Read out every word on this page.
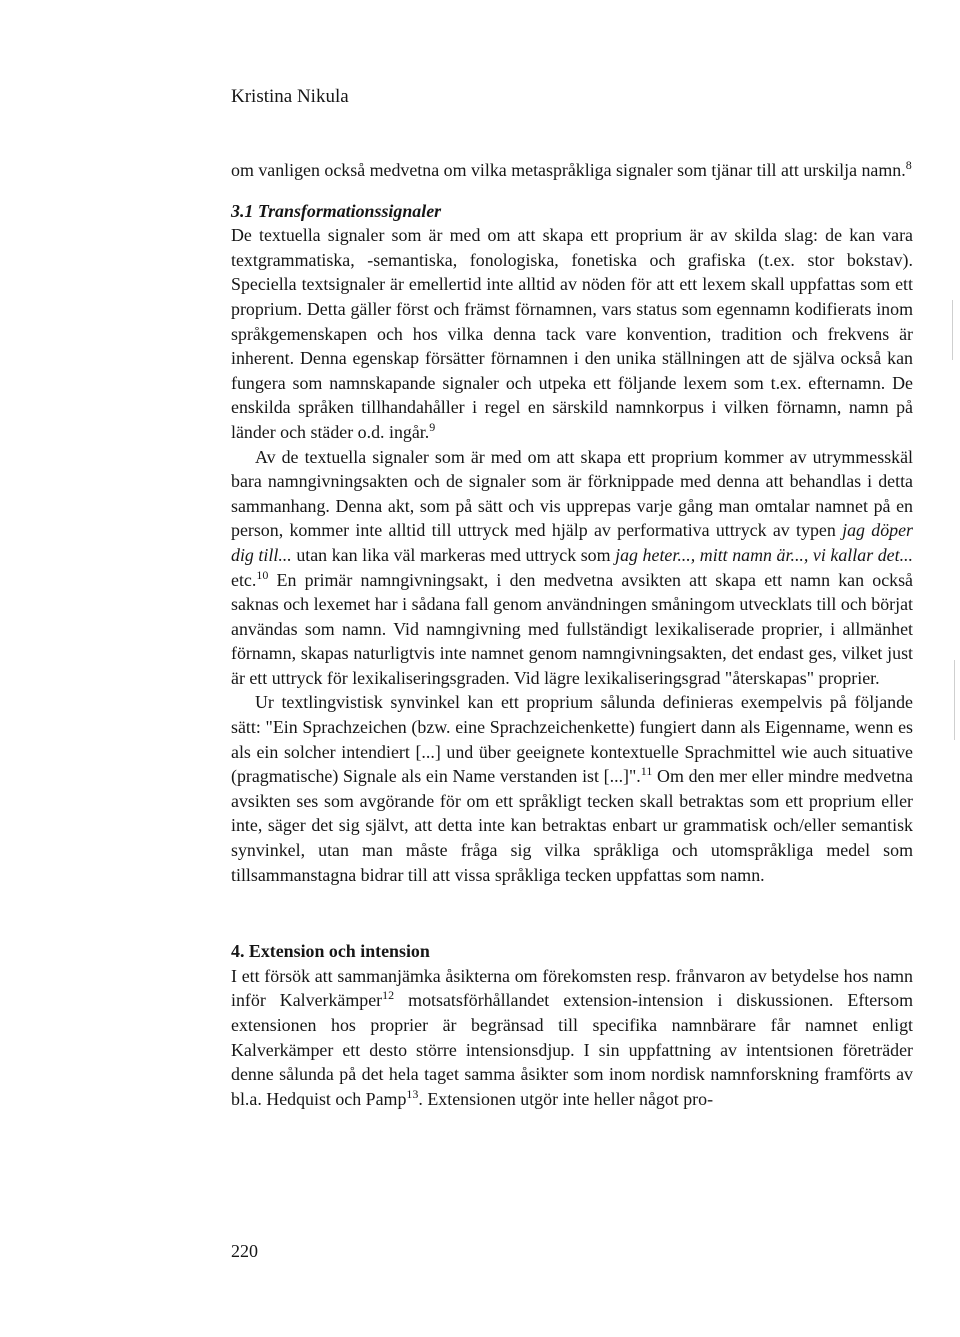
Kristina Nikula

om vanligen också medvetna om vilka metaspråkliga signaler som tjänar till att urskilja namn.$^8$

3.1 Transformationssignaler

De textuella signaler som är med om att skapa ett proprium är av skilda slag: de kan vara textgrammatiska, -semantiska, fonologiska, fonetiska och grafiska (t.ex. stor bokstav). Speciella textsignaler är emellertid inte alltid av nöden för att ett lexem skall uppfattas som ett proprium. Detta gäller först och främst förnamnen, vars status som egennamn kodifierats inom språkgemenskapen och hos vilka denna tack vare konvention, tradition och frekvens är inherent. Denna egenskap försätter förnamnen i den unika ställningen att de själva också kan fungera som namnskapande signaler och utpeka ett följande lexem som t.ex. efternamn. De enskilda språken tillhandahåller i regel en särskild namnkorpus i vilken förnamn, namn på länder och städer o.d. ingår.$^9$

Av de textuella signaler som är med om att skapa ett proprium kommer av utrymmesskäl bara namngivningsakten och de signaler som är förknippade med denna att behandlas i detta sammanhang. Denna akt, som på sätt och vis upprepas varje gång man omtalar namnet på en person, kommer inte alltid till uttryck med hjälp av performativa uttryck av typen jag döper dig till... utan kan lika väl markeras med uttryck som jag heter..., mitt namn är..., vi kallar det... etc.$^{10}$ En primär namngivningsakt, i den medvetna avsikten att skapa ett namn kan också saknas och lexemet har i sådana fall genom användningen småningom utvecklats till och börjat användas som namn. Vid namngivning med fullständigt lexikaliserade proprier, i allmänhet förnamn, skapas naturligtvis inte namnet genom namngivningsakten, det endast ges, vilket just är ett uttryck för lexikaliseringsgraden. Vid lägre lexikaliseringsgrad "återskapas" proprier.

Ur textlingvistisk synvinkel kan ett proprium sålunda definieras exempelvis på följande sätt: "Ein Sprachzeichen (bzw. eine Sprachzeichenkette) fungiert dann als Eigenname, wenn es als ein solcher intendiert [...] und über geeignete kontextuelle Sprachmittel wie auch situative (pragmatische) Signale als ein Name verstanden ist [...]".$^{11}$ Om den mer eller mindre medvetna avsikten ses som avgörande för om ett språkligt tecken skall betraktas som ett proprium eller inte, säger det sig självt, att detta inte kan betraktas enbart ur grammatisk och/eller semantisk synvinkel, utan man måste fråga sig vilka språkliga och utomspråkliga medel som tillsammanstagna bidrar till att vissa språkliga tecken uppfattas som namn.

4. Extension och intension

I ett försök att sammanjämka åsikterna om förekomsten resp. frånvaron av betydelse hos namn inför Kalverkämper$^{12}$ motsatsförhållandet extension-intension i diskussionen. Eftersom extensionen hos proprier är begränsad till specifika namnbärare får namnet enligt Kalverkämper ett desto större intensionsdjup. I sin uppfattning av intentsionen företräder denne sålunda på det hela taget samma åsikter som inom nordisk namnforskning framförts av bl.a. Hedquist och Pamp$^{13}$. Extensionen utgör inte heller något pro-

220
